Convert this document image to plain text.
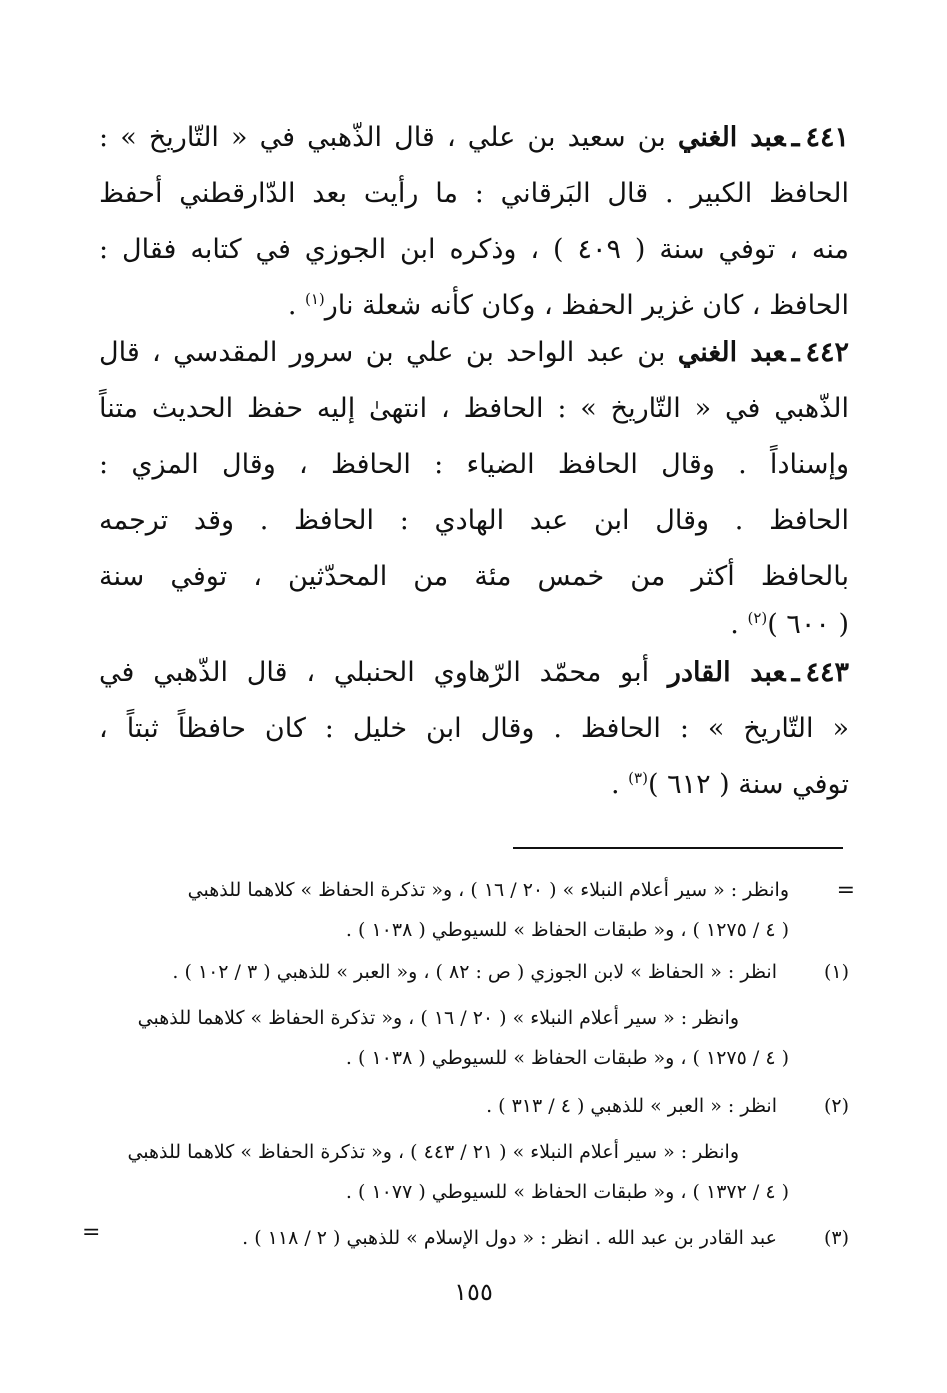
٤٤١ـعبد الغني بن سعيد بن علي ، قال الذّهبي في « التّاريخ » :
الحافظ الكبير . قال البَرقاني : ما رأيت بعد الدّارقطني أحفظ
منه ، توفي سنة ( ٤٠٩ ) ، وذكره ابن الجوزي في كتابه فقال :
الحافظ ، كان غزير الحفظ ، وكان كأنه شعلة نار$^{(١)}$ .
٤٤٢ـعبد الغني بن عبد الواحد بن علي بن سرور المقدسي ، قال
الذّهبي في « التّاريخ » : الحافظ ، انتهىٰ إليه حفظ الحديث متناً
وإسناداً . وقال الحافظ الضياء : الحافظ ، وقال المزي :
الحافظ . وقال ابن عبد الهادي : الحافظ . وقد ترجمه
بالحافظ أكثر من خمس مئة من المحدّثين ، توفي سنة
( ٦٠٠ )$^{(٢)}$ .
٤٤٣ـعبد القادر أبو محمّد الرّهاوي الحنبلي ، قال الذّهبي في
« التّاريخ » : الحافظ . وقال ابن خليل : كان حافظاً ثبتاً ،
توفي سنة ( ٦١٢ )$^{(٣)}$ .
=
وانظر : « سير أعلام النبلاء » ( ٢٠ / ١٦ ) ، و« تذكرة الحفاظ » كلاهما للذهبي
( ٤ / ١٢٧٥ ) ، و« طبقات الحفاظ » للسيوطي ( ١٠٣٨ ) .
(١)
انظر : « الحفاظ » لابن الجوزي ( ص : ٨٢ ) ، و« العبر » للذهبي ( ٣ / ١٠٢ ) .
وانظر : « سير أعلام النبلاء » ( ٢٠ / ١٦ ) ، و« تذكرة الحفاظ » كلاهما للذهبي
( ٤ / ١٢٧٥ ) ، و« طبقات الحفاظ » للسيوطي ( ١٠٣٨ ) .
(٢)
انظر : « العبر » للذهبي ( ٤ / ٣١٣ ) .
وانظر : « سير أعلام النبلاء » ( ٢١ / ٤٤٣ ) ، و« تذكرة الحفاظ » كلاهما للذهبي
( ٤ / ١٣٧٢ ) ، و« طبقات الحفاظ » للسيوطي ( ١٠٧٧ ) .
(٣)
عبد القادر بن عبد الله . انظر : « دول الإسلام » للذهبي ( ٢ / ١١٨ ) .
=
١٥٥
